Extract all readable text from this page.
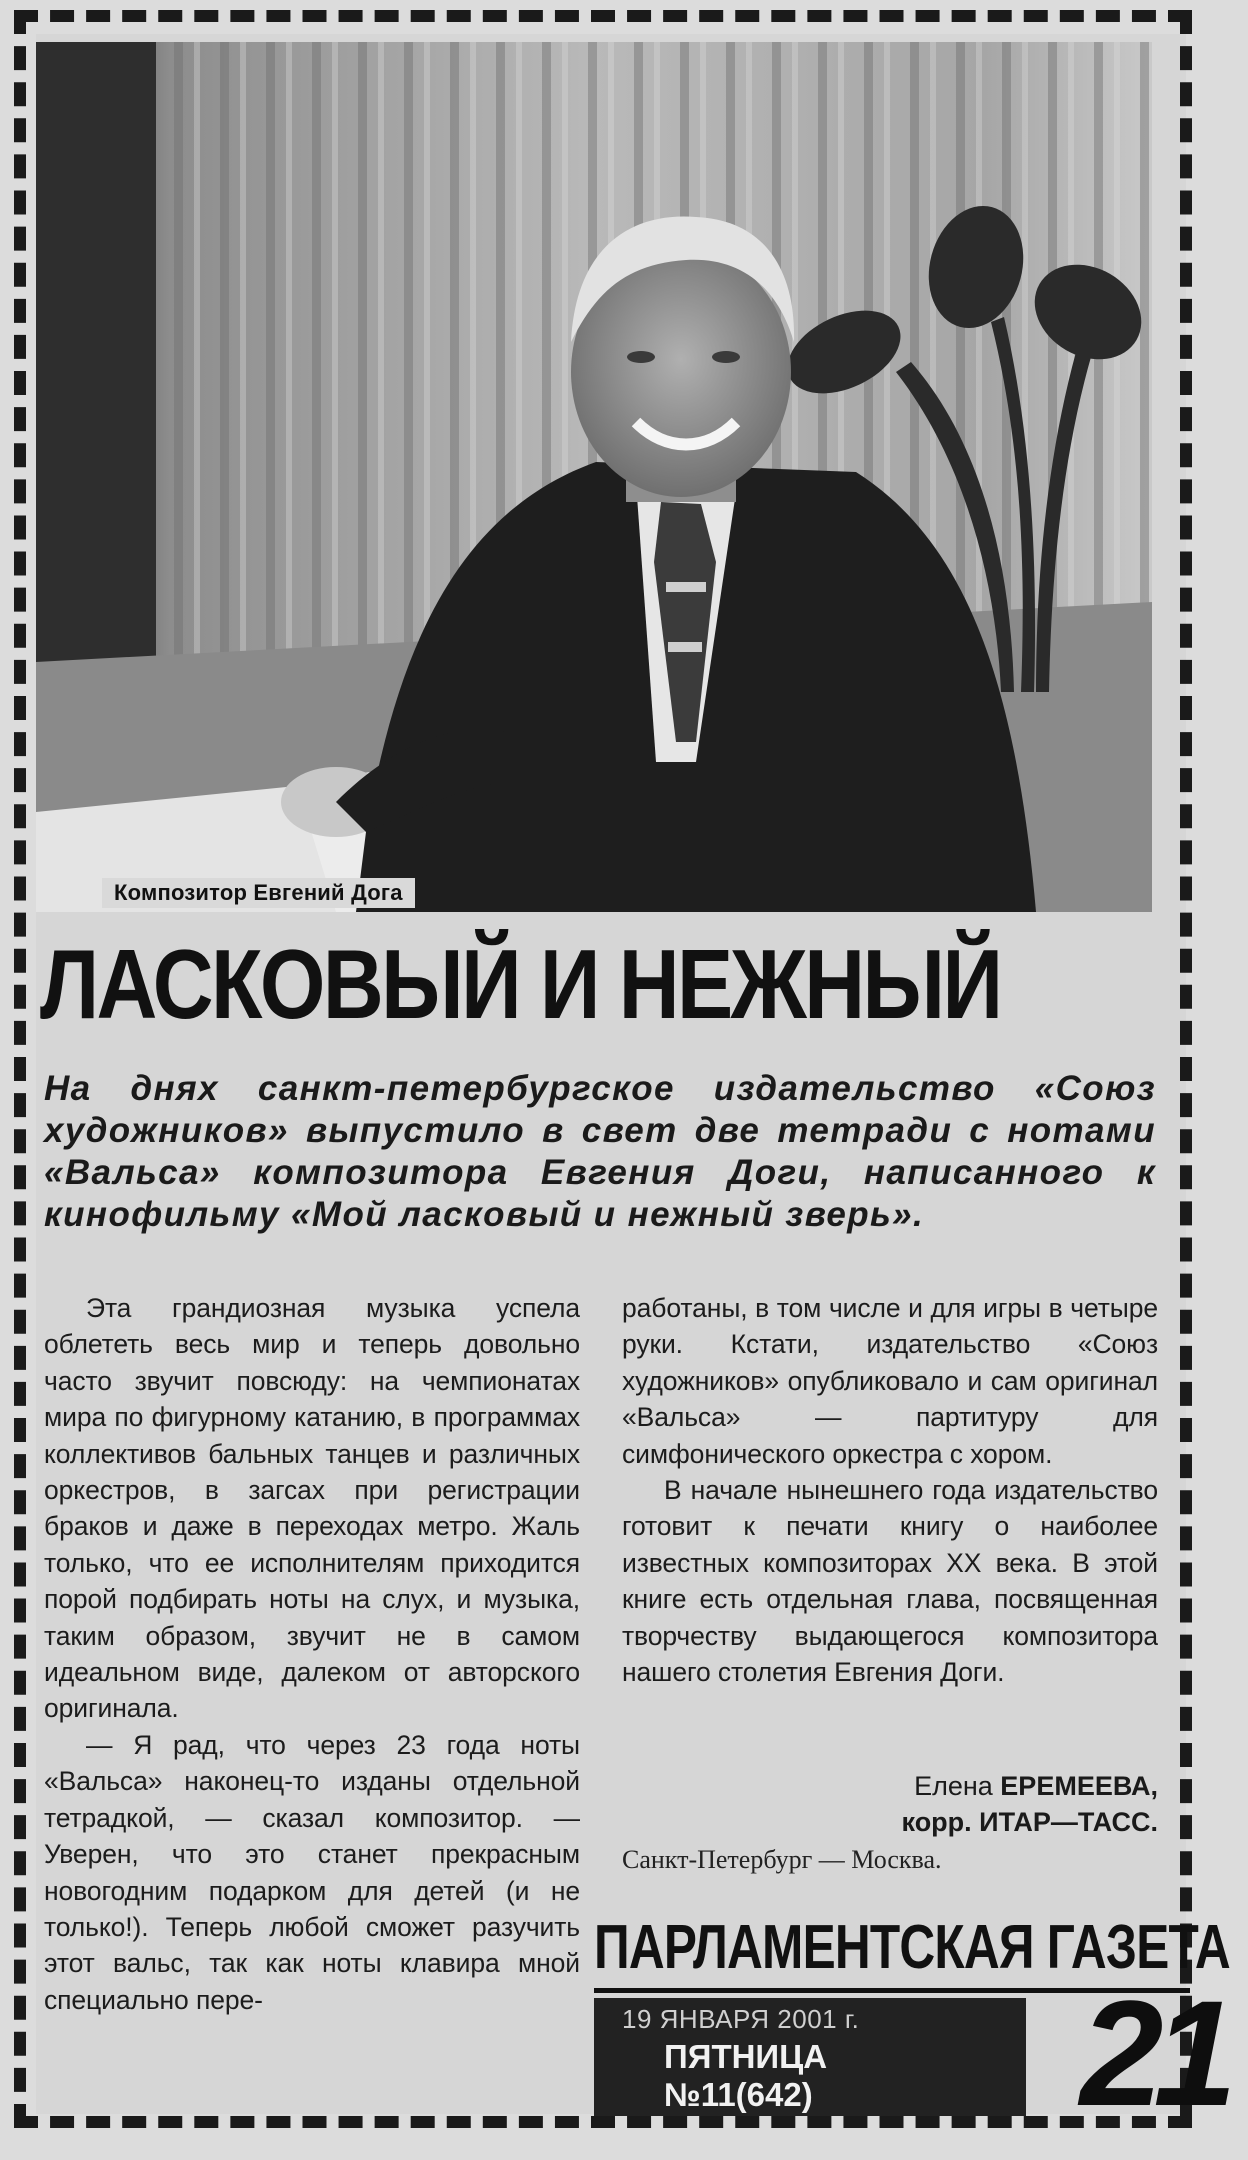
Композитор Евгений Дога
ЛАСКОВЫЙ И НЕЖНЫЙ
На днях санкт-петербургское издательство «Союз художников» выпустило в свет две тетради с нотами «Вальса» композитора Евгения Доги, написанного к кинофильму «Мой ласковый и нежный зверь».

Эта грандиозная музыка успела облететь весь мир и теперь довольно часто звучит повсюду: на чемпионатах мира по фигурному катанию, в программах коллективов бальных танцев и различных оркестров, в загсах при регистрации браков и даже в переходах метро. Жаль только, что ее исполнителям приходится порой подбирать ноты на слух, и музыка, таким образом, звучит не в самом идеальном виде, далеком от авторского оригинала.

— Я рад, что через 23 года ноты «Вальса» наконец-то изданы отдельной тетрадкой, — сказал композитор. — Уверен, что это станет прекрасным новогодним подарком для детей (и не только!). Теперь любой сможет разучить этот вальс, так как ноты клавира мной специально пере-

работаны, в том числе и для игры в четыре руки. Кстати, издательство «Союз художников» опубликовало и сам оригинал «Вальса» — партитуру для симфонического оркестра с хором.

В начале нынешнего года издательство готовит к печати книгу о наиболее известных композиторах XX века. В этой книге есть отдельная глава, посвященная творчеству выдающегося композитора нашего столетия Евгения Доги.

Елена ЕРЕМЕЕВА,
корр. ИТАР—ТАСС.
Санкт-Петербург — Москва.
ПАРЛАМЕНТСКАЯ ГАЗЕТА
19 ЯНВАРЯ 2001 г.
ПЯТНИЦА
№11(642) 21
